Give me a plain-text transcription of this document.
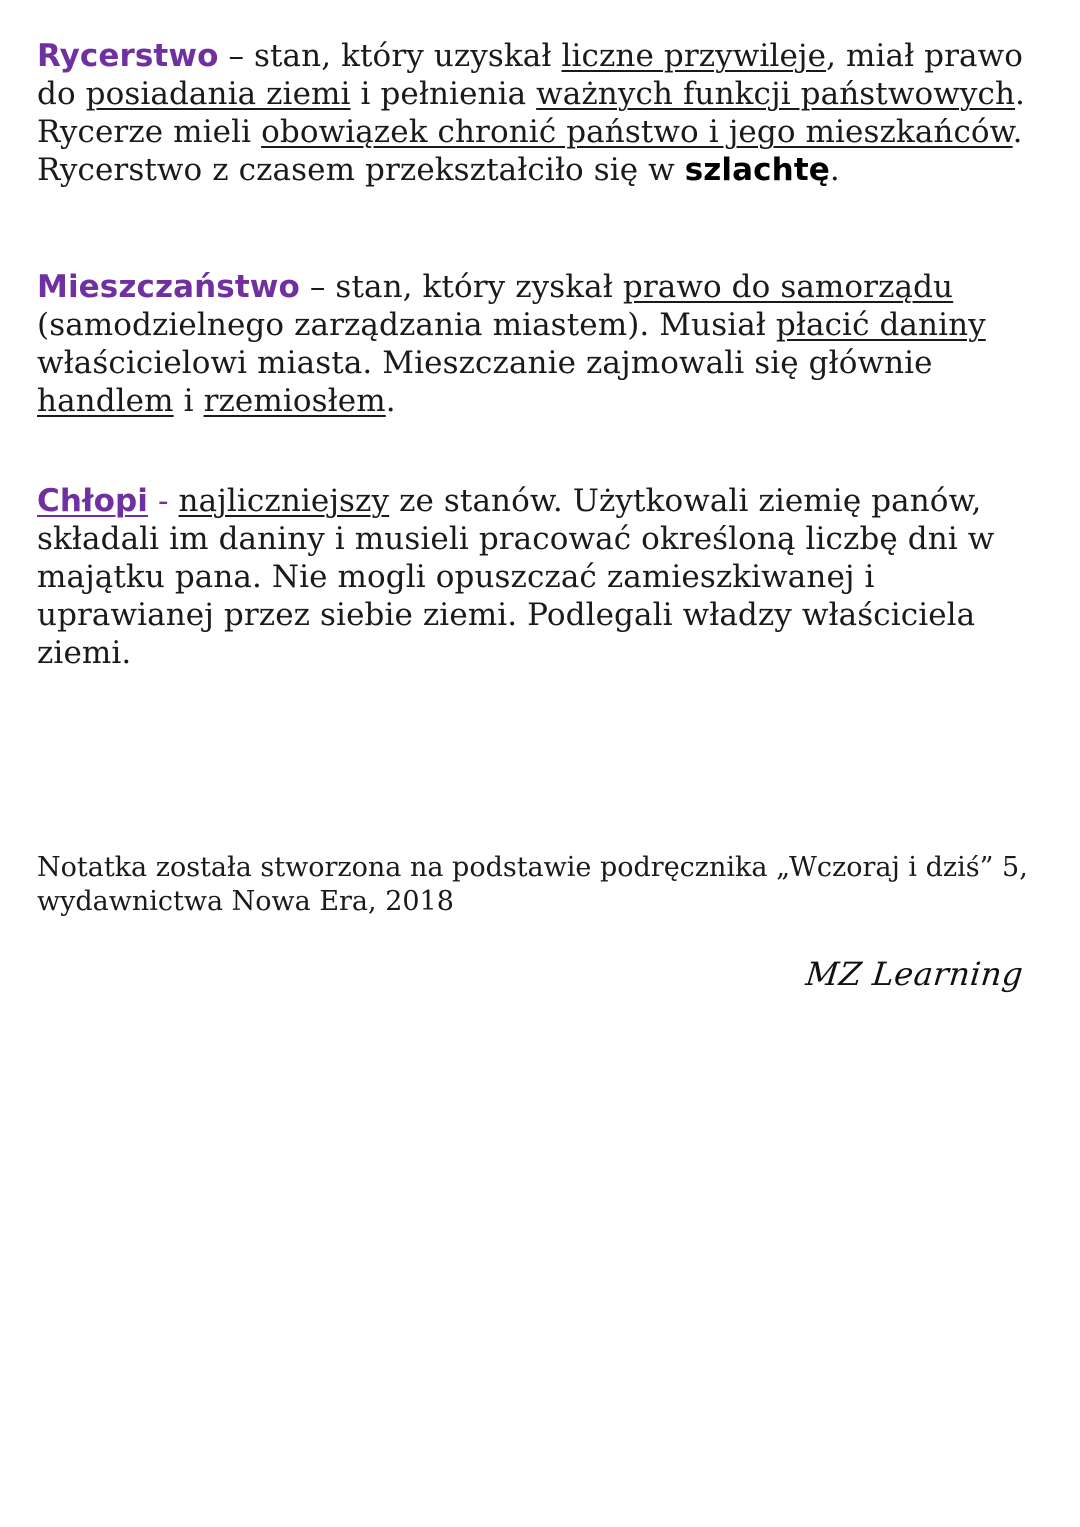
Rycerstwo – stan, który uzyskał liczne przywileje, miał prawo do posiadania ziemi i pełnienia ważnych funkcji państwowych. Rycerze mieli obowiązek chronić państwo i jego mieszkańców. Rycerstwo z czasem przekształciło się w szlachtę.

Mieszczaństwo – stan, który zyskał prawo do samorządu (samodzielnego zarządzania miastem). Musiał płacić daniny właścicielowi miasta. Mieszczanie zajmowali się głównie handlem i rzemiosłem.

Chłopi - najliczniejszy ze stanów. Użytkowali ziemię panów, składali im daniny i musieli pracować określoną liczbę dni w majątku pana. Nie mogli opuszczać zamieszkiwanej i uprawianej przez siebie ziemi. Podlegali władzy właściciela ziemi.

Notatka została stworzona na podstawie podręcznika „Wczoraj i dziś” 5, wydawnictwa Nowa Era, 2018

MZ Learning
